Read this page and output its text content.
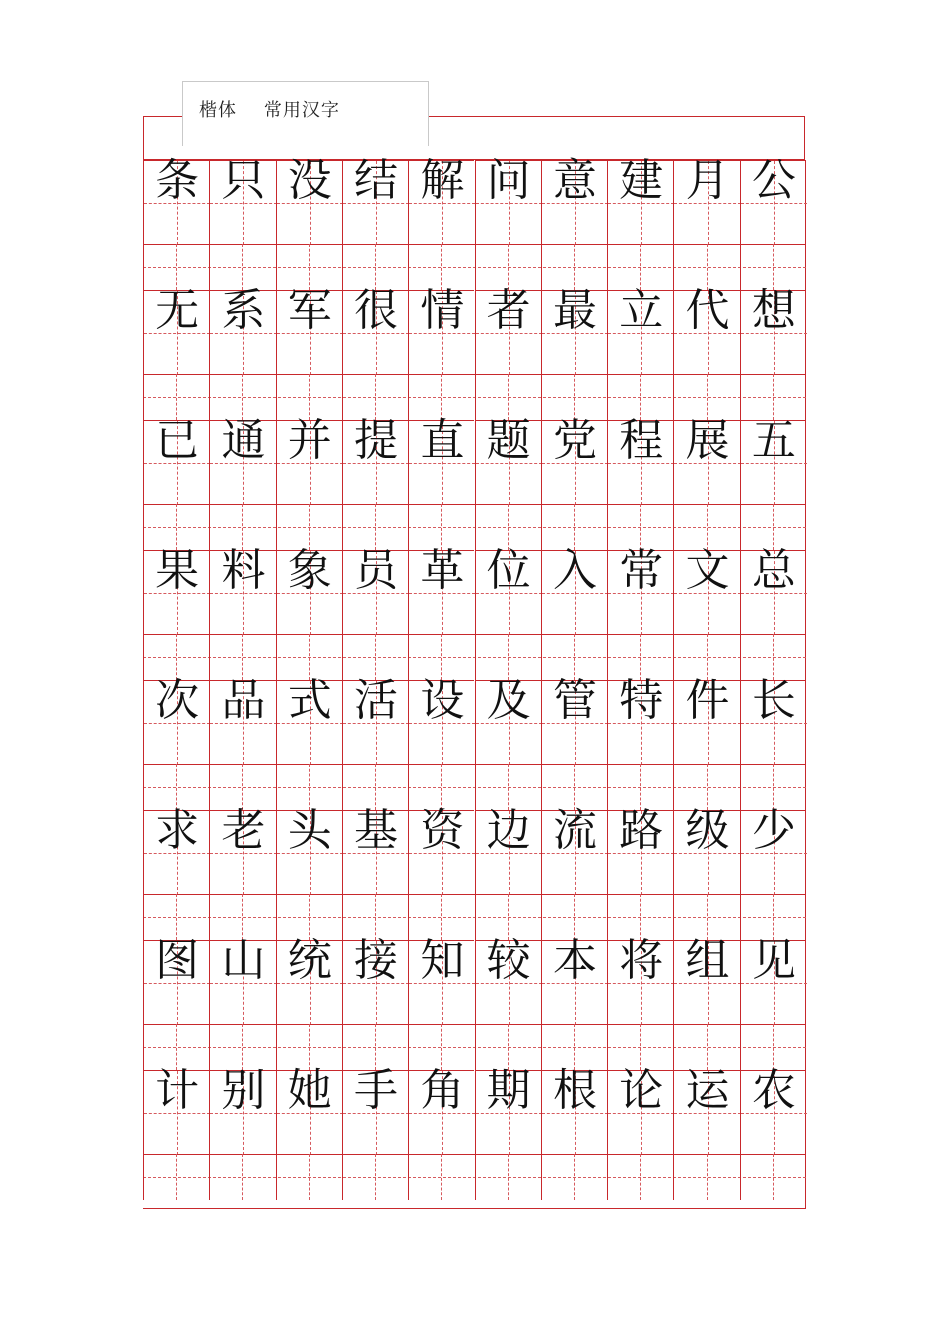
楷体    常用汉字
条 只 没 结 解 问 意 建 月 公
无 系 军 很 情 者 最 立 代 想
已 通 并 提 直 题 党 程 展 五
果 料 象 员 革 位 入 常 文 总
次 品 式 活 设 及 管 特 件 长
求 老 头 基 资 边 流 路 级 少
图 山 统 接 知 较 本 将 组 见
计 别 她 手 角 期 根 论 运 农
